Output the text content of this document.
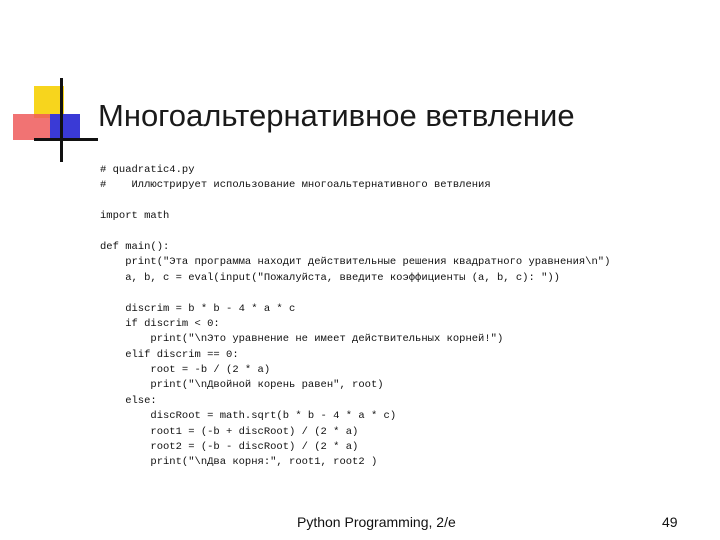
Многоальтернативное ветвление
# quadratic4.py
#    Иллюстрирует использование многоальтернативного ветвления
import math
def main():
print("Эта программа находит действительные решения квадратного уравнения\n")
a, b, c = eval(input("Пожалуйста, введите коэффициенты (a, b, c): "))
discrim = b * b - 4 * a * c
if discrim < 0:
print("\nЭто уравнение не имеет действительных корней!")
elif discrim == 0:
root = -b / (2 * a)
print("\nДвойной корень равен", root)
else:
discRoot = math.sqrt(b * b - 4 * a * c)
root1 = (-b + discRoot) / (2 * a)
root2 = (-b - discRoot) / (2 * a)
print("\nДва корня:", root1, root2 )
Python Programming, 2/e	49
